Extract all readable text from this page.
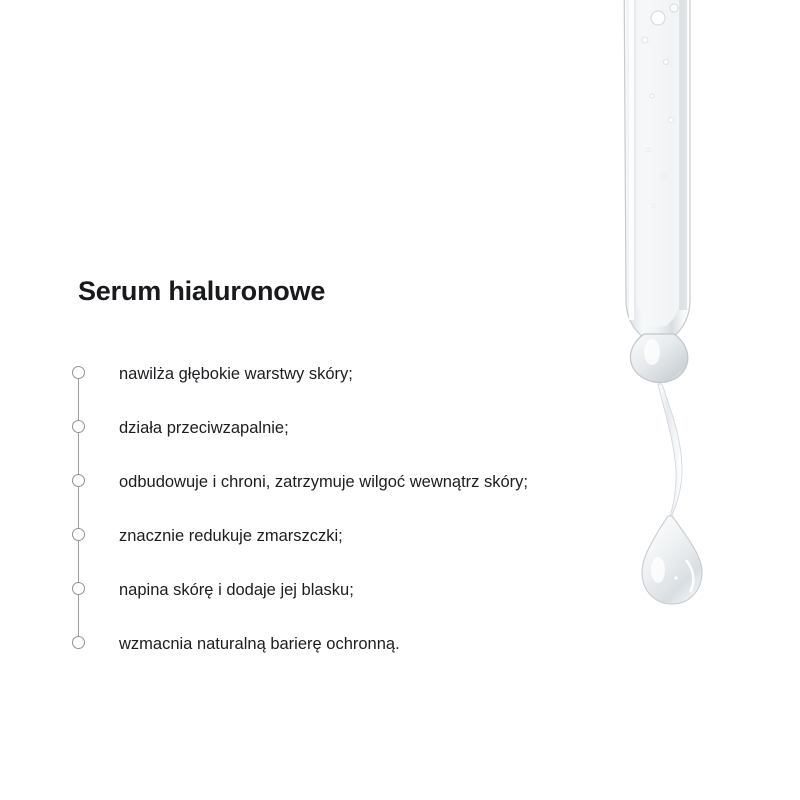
Serum hialuronowe
nawilża głębokie warstwy skóry;
działa przeciwzapalnie;
odbudowuje i chroni, zatrzymuje wilgoć wewnątrz skóry;
znacznie redukuje zmarszczki;
napina skórę i dodaje jej blasku;
wzmacnia naturalną barierę ochronną.
